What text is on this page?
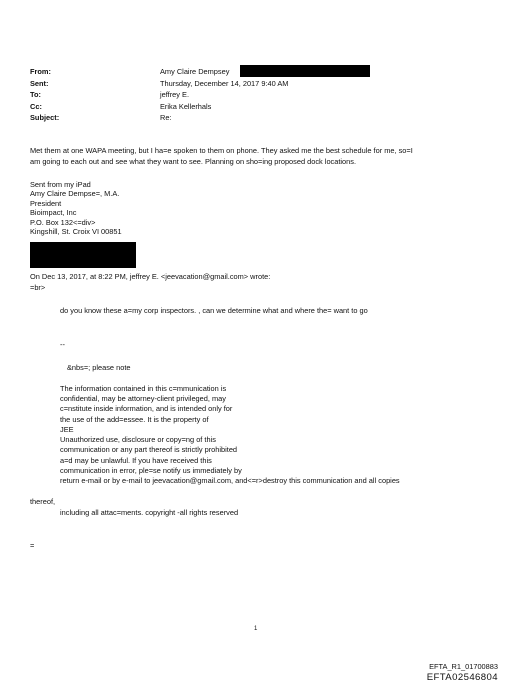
From:
Sent:
To:
Cc:
Subject:
Amy Claire Dempsey
Thursday, December 14, 2017 9:40 AM
jeffrey E.
Erika Kellerhals
Re:
Met them at one WAPA meeting, but I ha=e spoken to them on phone. They asked me the best schedule for me, so=I
am going to each out and see what they want to see. Planning on sho=ing proposed dock locations.
Sent from my iPad
Amy Claire Dempse=, M.A.
President
Bioimpact, Inc
P.O. Box 132<=div>
Kingshill, St. Croix VI 00851
On Dec 13, 2017, at 8:22 PM, jeffrey E. <jeevacation@gmail.com> wrote:
=br>
do you know these a=my corp inspectors. , can we determine what and where the= want to go
--
&nbs=; please note
The information contained in this c=mmunication is
confidential, may be attorney-client privileged, may
c=nstitute inside information, and is intended only for
the use of the add=essee. It is the property of
JEE
Unauthorized use, disclosure or copy=ng of this
communication or any part thereof is strictly prohibited
a=d may be unlawful. If you have received this
communication in error, ple=se notify us immediately by
return e-mail or by e-mail to jeevacation@gmail.com, and<=r>destroy this communication and all copies
thereof,
including all attac=ments. copyright -all rights reserved
=
1
EFTA_R1_01700883
EFTA02546804
